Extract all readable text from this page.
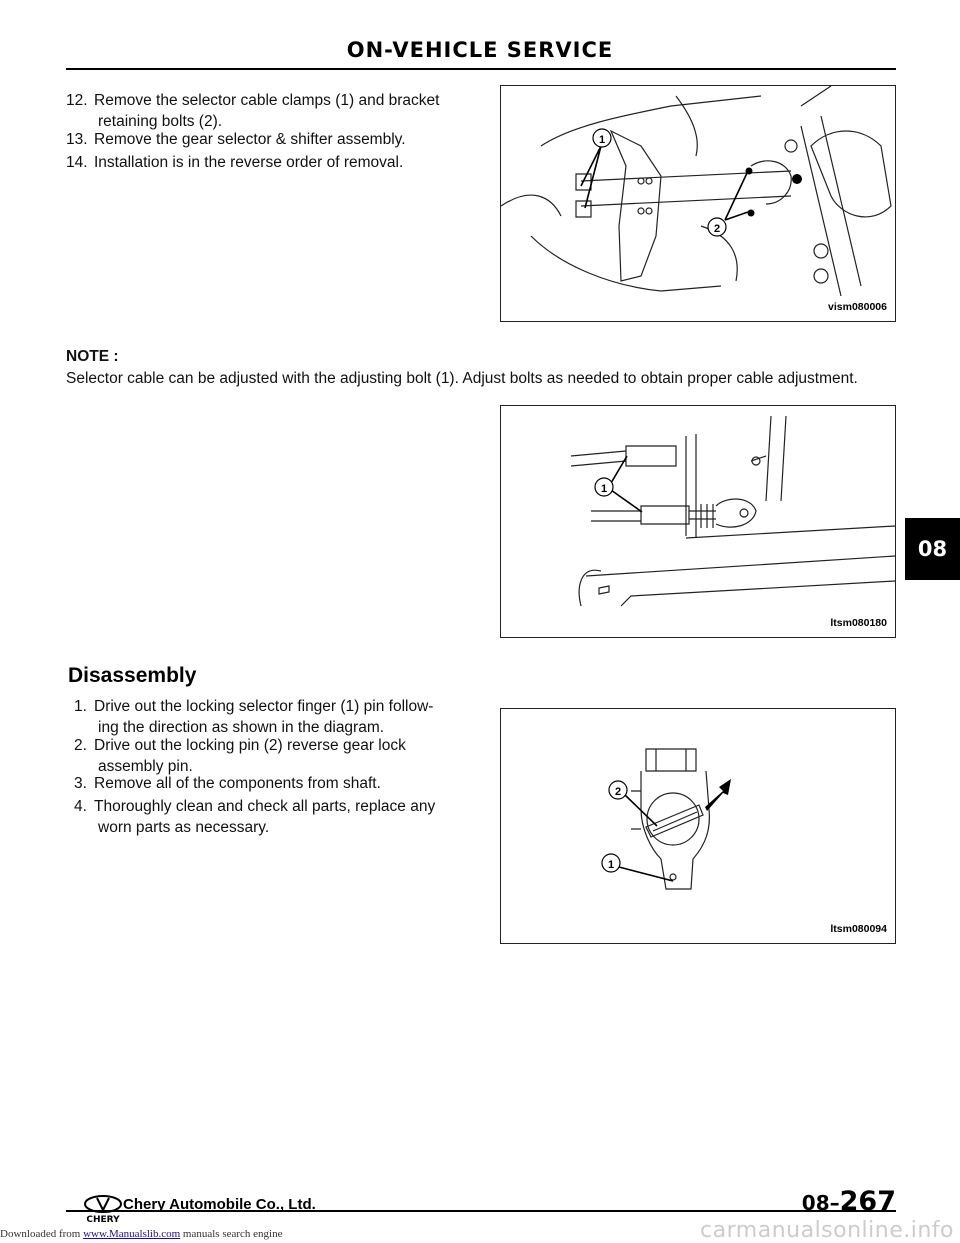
ON-VEHICLE SERVICE
12. Remove the selector cable clamps (1) and bracket
retaining bolts (2).
13. Remove the gear selector & shifter assembly.
14. Installation is in the reverse order of removal.
1
2
vism080006
NOTE :
Selector cable can be adjusted with the adjusting bolt (1). Adjust bolts as needed to obtain proper cable adjustment.
1
ltsm080180
Disassembly
1. Drive out the locking selector finger (1) pin follow-
ing the direction as shown in the diagram.
2. Drive out the locking pin (2) reverse gear lock
assembly pin.
3. Remove all of the components from shaft.
4. Thoroughly clean and check all parts, replace any
worn parts as necessary.
2
1
ltsm080094
08
CHERY
Chery Automobile Co., Ltd.	08–267
Downloaded from www.Manualslib.com manuals search engine	carmanualsonline.info
